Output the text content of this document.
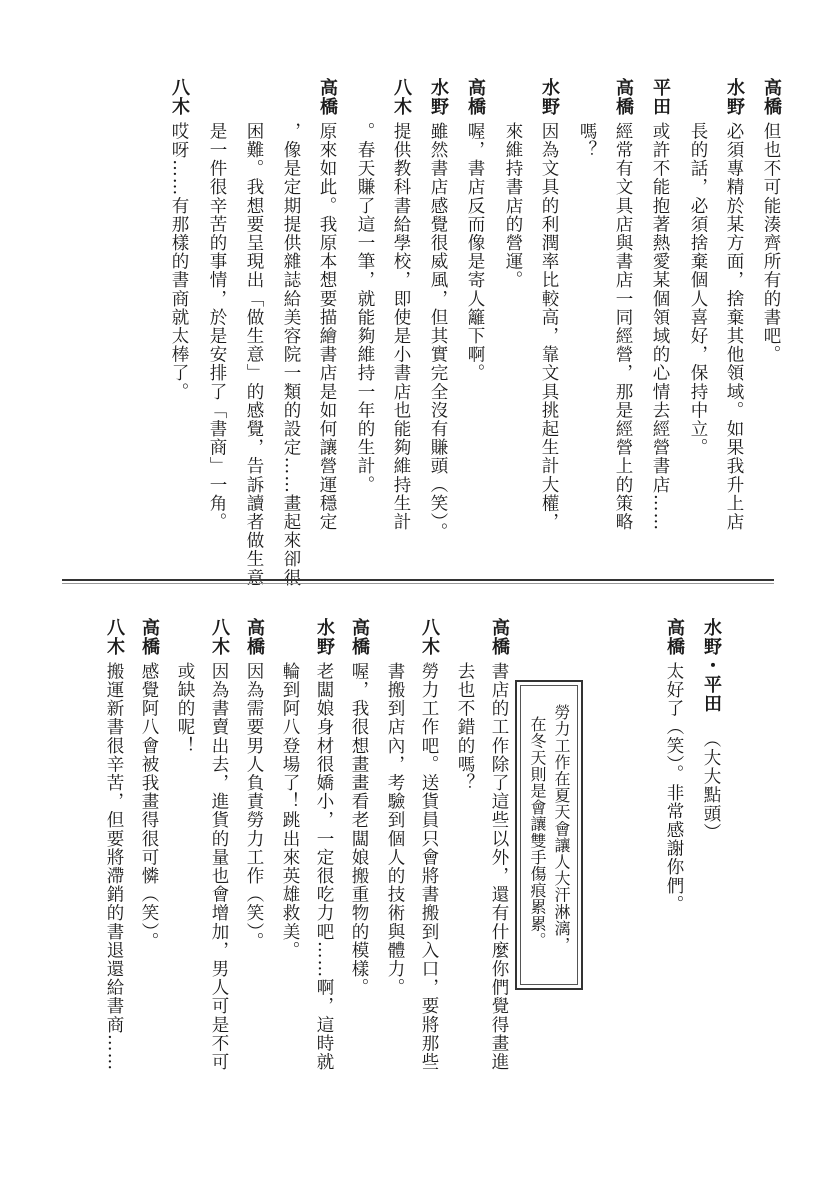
高橋但也不可能湊齊所有的書吧。
水野必須專精於某方面，捨棄其他領域。如果我升上店
長的話，必須捨棄個人喜好，保持中立。
平田或許不能抱著熱愛某個領域的心情去經營書店……
高橋經常有文具店與書店一同經營，那是經營上的策略
嗎？
水野因為文具的利潤率比較高，靠文具挑起生計大權，
來維持書店的營運。
高橋喔，書店反而像是寄人籬下啊。
水野雖然書店感覺很威風，但其實完全沒有賺頭（笑）。
八木提供教科書給學校，即使是小書店也能夠維持生計
。春天賺了這一筆，就能夠維持一年的生計。
高橋原來如此。我原本想要描繪書店是如何讓營運穩定
，像是定期提供雜誌給美容院一類的設定……畫起來卻很
困難。我想要呈現出「做生意」的感覺，告訴讀者做生意
是一件很辛苦的事情，於是安排了「書商」一角。
八木哎呀……有那樣的書商就太棒了。
水野・平田（大大點頭）
高橋太好了（笑）。非常感謝你們。
勞力工作在夏天會讓人大汗淋漓，
在冬天則是會讓雙手傷痕累累。
高橋書店的工作除了這些以外，還有什麼你們覺得畫進
去也不錯的嗎？
八木勞力工作吧。送貨員只會將書搬到入口，要將那些
書搬到店內，考驗到個人的技術與體力。
高橋喔，我很想畫畫看老闆娘搬重物的模樣。
水野老闆娘身材很嬌小，一定很吃力吧……啊，這時就
輪到阿八登場了！跳出來英雄救美。
高橋因為需要男人負責勞力工作（笑）。
八木因為書賣出去，進貨的量也會增加，男人可是不可
或缺的呢！
高橋感覺阿八會被我畫得很可憐（笑）。
八木搬運新書很辛苦，但要將滯銷的書退還給書商……
